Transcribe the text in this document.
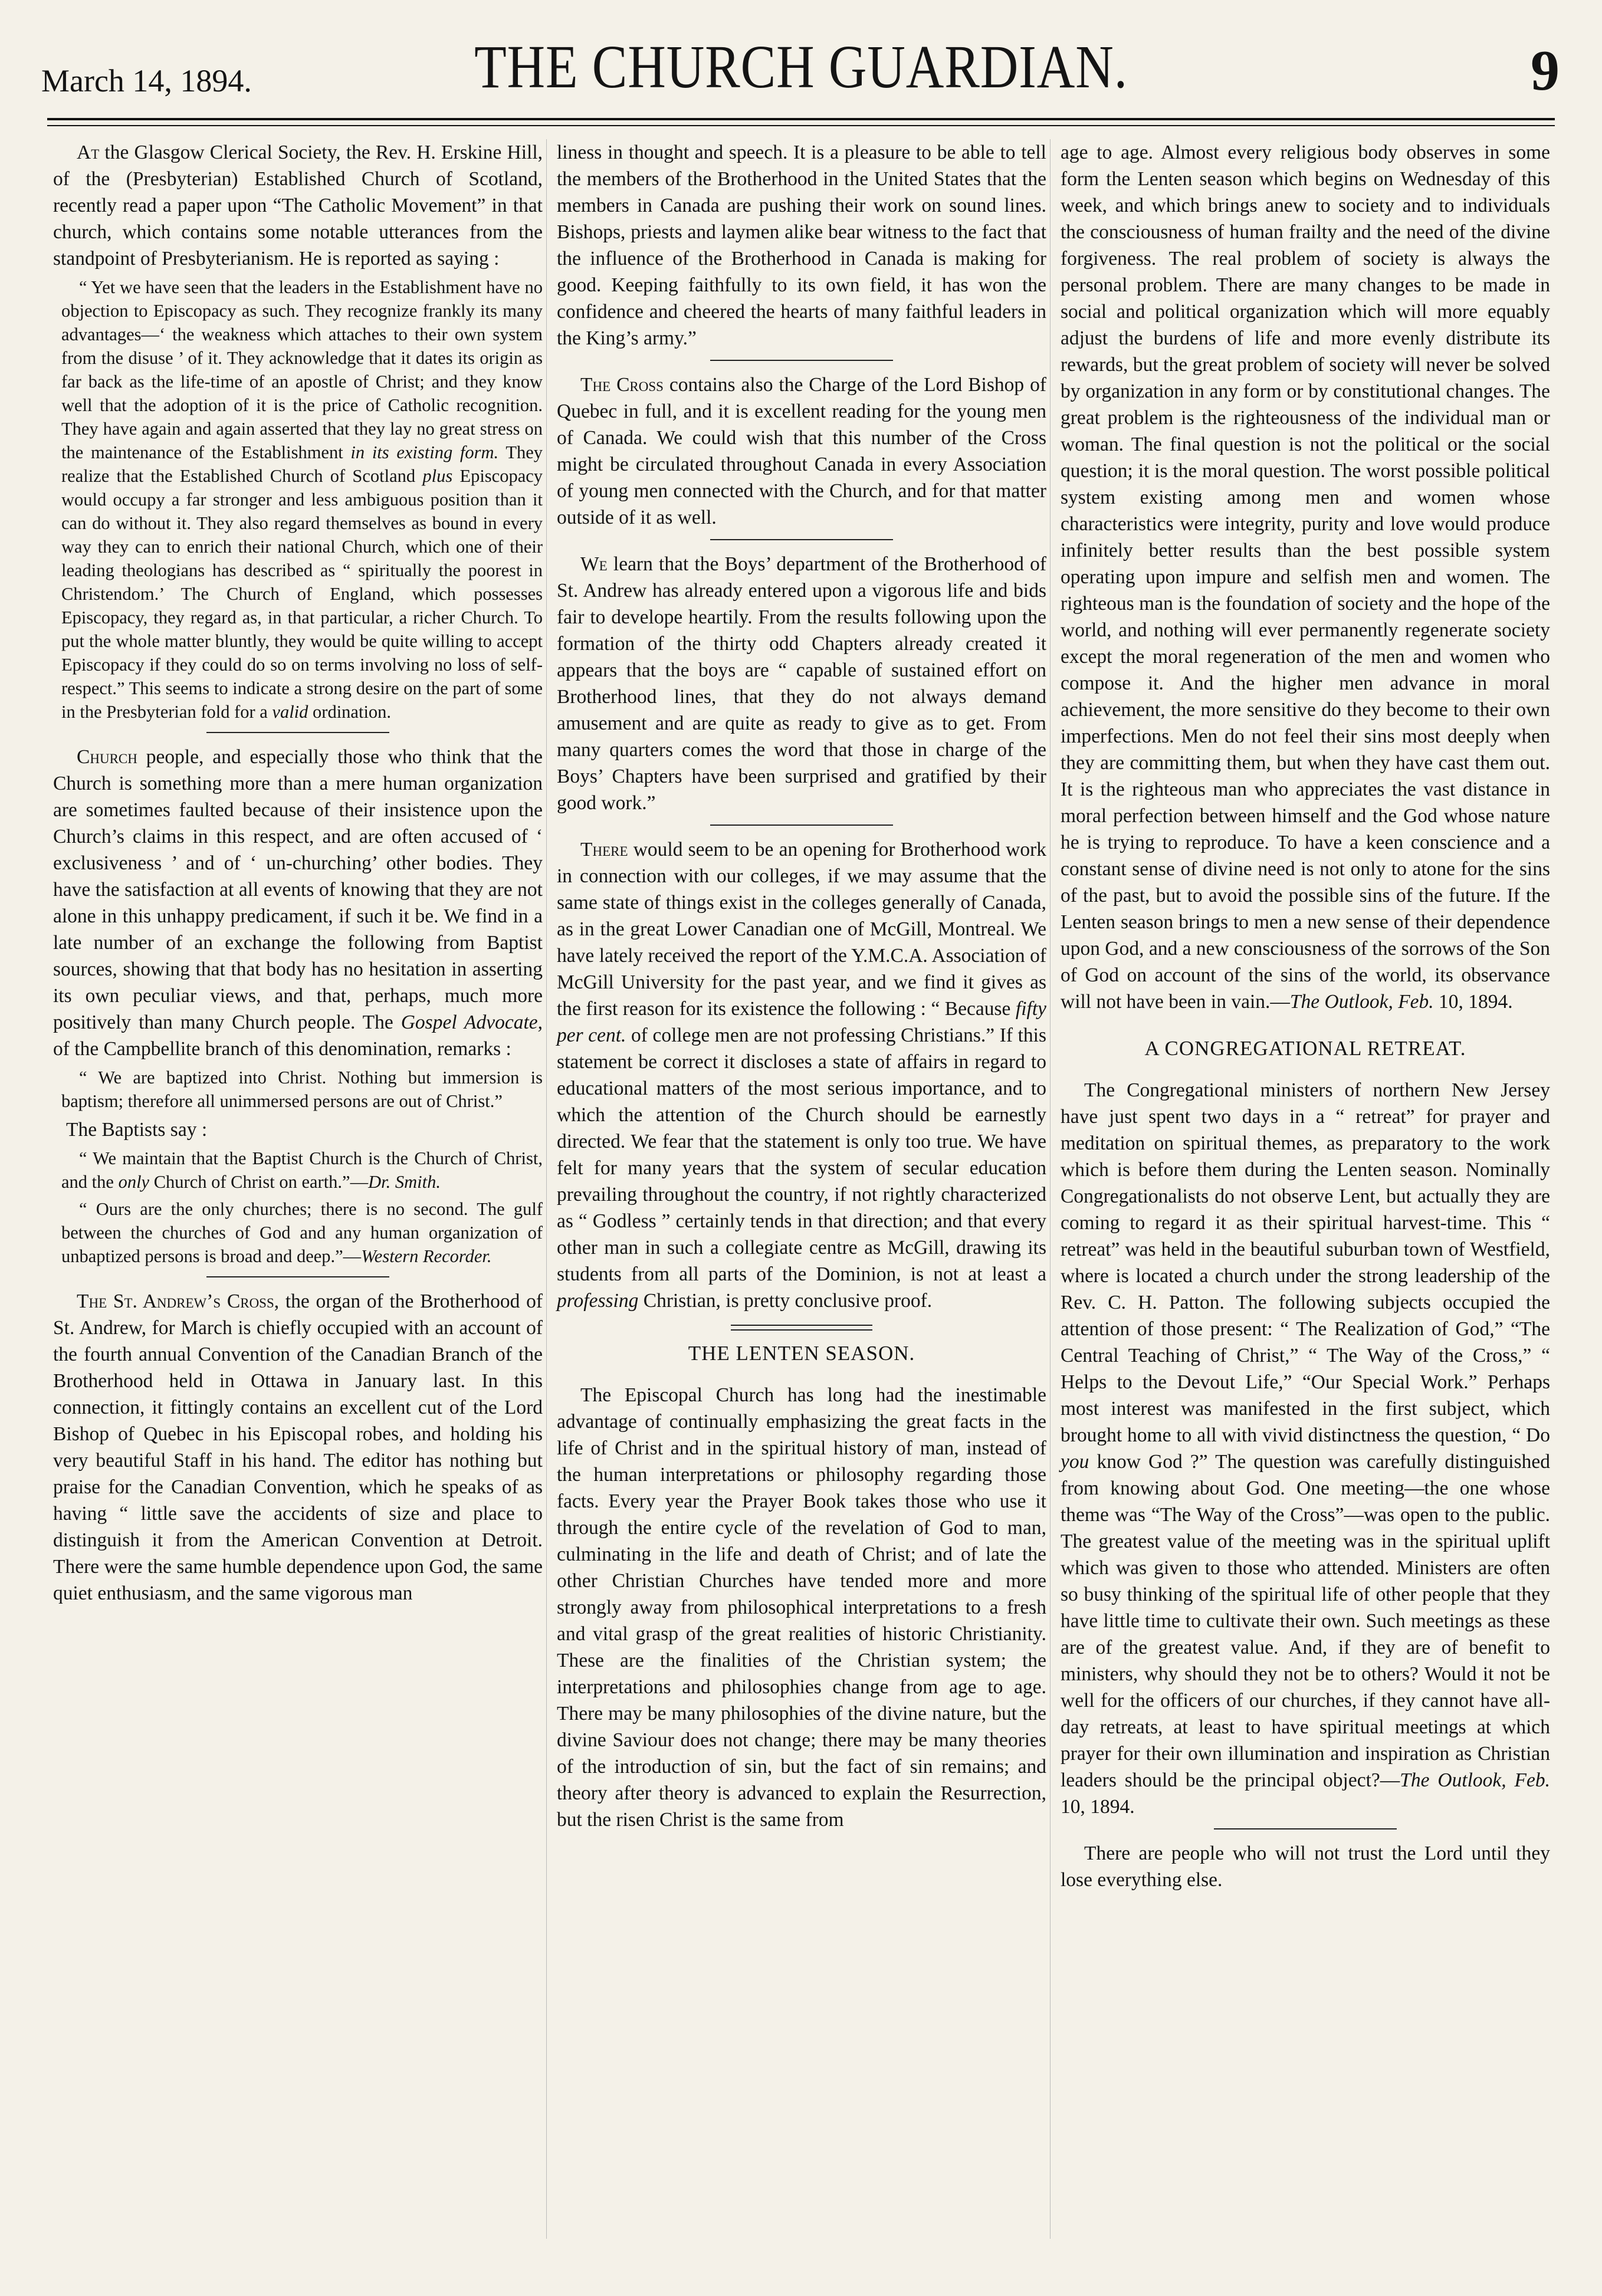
March 14, 1894.	THE CHURCH GUARDIAN.	9

At the Glasgow Clerical Society, the Rev. H. Erskine Hill, of the (Presbyterian) Established Church of Scotland, recently read a paper upon “The Catholic Movement” in that church, which contains some notable utterances from the standpoint of Presbyterianism. He is reported as saying :

“ Yet we have seen that the leaders in the Establishment have no objection to Episcopacy as such. They recognize frankly its many advantages—‘ the weakness which attaches to their own system from the disuse ’ of it. They acknowledge that it dates its origin as far back as the life-time of an apostle of Christ; and they know well that the adoption of it is the price of Catholic recognition. They have again and again asserted that they lay no great stress on the maintenance of the Establishment in its existing form. They realize that the Established Church of Scotland plus Episcopacy would occupy a far stronger and less ambiguous position than it can do without it. They also regard themselves as bound in every way they can to enrich their national Church, which one of their leading theologians has described as “ spiritually the poorest in Christendom.’ The Church of England, which possesses Episcopacy, they regard as, in that particular, a richer Church. To put the whole matter bluntly, they would be quite willing to accept Episcopacy if they could do so on terms involving no loss of self-respect.” This seems to indicate a strong desire on the part of some in the Presbyterian fold for a valid ordination.

Church people, and especially those who think that the Church is something more than a mere human organization are sometimes faulted because of their insistence upon the Church’s claims in this respect, and are often accused of ‘ exclusiveness ’ and of ‘ un-churching’ other bodies. They have the satisfaction at all events of knowing that they are not alone in this unhappy predicament, if such it be. We find in a late number of an exchange the following from Baptist sources, showing that that body has no hesitation in asserting its own peculiar views, and that, perhaps, much more positively than many Church people. The Gospel Advocate, of the Campbellite branch of this denomination, remarks :

“ We are baptized into Christ. Nothing but immersion is baptism; therefore all unimmersed persons are out of Christ.”

The Baptists say :

“ We maintain that the Baptist Church is the Church of Christ, and the only Church of Christ on earth.”—Dr. Smith.

“ Ours are the only churches; there is no second. The gulf between the churches of God and any human organization of unbaptized persons is broad and deep.”—Western Recorder.

The St. Andrew’s Cross, the organ of the Brotherhood of St. Andrew, for March is chiefly occupied with an account of the fourth annual Convention of the Canadian Branch of the Brotherhood held in Ottawa in January last. In this connection, it fittingly contains an excellent cut of the Lord Bishop of Quebec in his Episcopal robes, and holding his very beautiful Staff in his hand. The editor has nothing but praise for the Canadian Convention, which he speaks of as having “ little save the accidents of size and place to distinguish it from the American Convention at Detroit. There were the same humble dependence upon God, the same quiet enthusiasm, and the same vigorous man

liness in thought and speech. It is a pleasure to be able to tell the members of the Brotherhood in the United States that the members in Canada are pushing their work on sound lines. Bishops, priests and laymen alike bear witness to the fact that the influence of the Brotherhood in Canada is making for good. Keeping faithfully to its own field, it has won the confidence and cheered the hearts of many faithful leaders in the King’s army.”

The Cross contains also the Charge of the Lord Bishop of Quebec in full, and it is excellent reading for the young men of Canada. We could wish that this number of the Cross might be circulated throughout Canada in every Association of young men connected with the Church, and for that matter outside of it as well.

We learn that the Boys’ department of the Brotherhood of St. Andrew has already entered upon a vigorous life and bids fair to develope heartily. From the results following upon the formation of the thirty odd Chapters already created it appears that the boys are “ capable of sustained effort on Brotherhood lines, that they do not always demand amusement and are quite as ready to give as to get. From many quarters comes the word that those in charge of the Boys’ Chapters have been surprised and gratified by their good work.”

There would seem to be an opening for Brotherhood work in connection with our colleges, if we may assume that the same state of things exist in the colleges generally of Canada, as in the great Lower Canadian one of McGill, Montreal. We have lately received the report of the Y.M.C.A. Association of McGill University for the past year, and we find it gives as the first reason for its existence the following : “ Because fifty per cent. of college men are not professing Christians.” If this statement be correct it discloses a state of affairs in regard to educational matters of the most serious importance, and to which the attention of the Church should be earnestly directed. We fear that the statement is only too true. We have felt for many years that the system of secular education prevailing throughout the country, if not rightly characterized as “ Godless ” certainly tends in that direction; and that every other man in such a collegiate centre as McGill, drawing its students from all parts of the Dominion, is not at least a professing Christian, is pretty conclusive proof.

THE LENTEN SEASON.

The Episcopal Church has long had the inestimable advantage of continually emphasizing the great facts in the life of Christ and in the spiritual history of man, instead of the human interpretations or philosophy regarding those facts. Every year the Prayer Book takes those who use it through the entire cycle of the revelation of God to man, culminating in the life and death of Christ; and of late the other Christian Churches have tended more and more strongly away from philosophical interpretations to a fresh and vital grasp of the great realities of historic Christianity. These are the finalities of the Christian system; the interpretations and philosophies change from age to age. There may be many philosophies of the divine nature, but the divine Saviour does not change; there may be many theories of the introduction of sin, but the fact of sin remains; and theory after theory is advanced to explain the Resurrection, but the risen Christ is the same from

age to age. Almost every religious body observes in some form the Lenten season which begins on Wednesday of this week, and which brings anew to society and to individuals the consciousness of human frailty and the need of the divine forgiveness. The real problem of society is always the personal problem. There are many changes to be made in social and political organization which will more equably adjust the burdens of life and more evenly distribute its rewards, but the great problem of society will never be solved by organization in any form or by constitutional changes. The great problem is the righteousness of the individual man or woman. The final question is not the political or the social question; it is the moral question. The worst possible political system existing among men and women whose characteristics were integrity, purity and love would produce infinitely better results than the best possible system operating upon impure and selfish men and women. The righteous man is the foundation of society and the hope of the world, and nothing will ever permanently regenerate society except the moral regeneration of the men and women who compose it. And the higher men advance in moral achievement, the more sensitive do they become to their own imperfections. Men do not feel their sins most deeply when they are committing them, but when they have cast them out. It is the righteous man who appreciates the vast distance in moral perfection between himself and the God whose nature he is trying to reproduce. To have a keen conscience and a constant sense of divine need is not only to atone for the sins of the past, but to avoid the possible sins of the future. If the Lenten season brings to men a new sense of their dependence upon God, and a new consciousness of the sorrows of the Son of God on account of the sins of the world, its observance will not have been in vain.—The Outlook, Feb. 10, 1894.

A CONGREGATIONAL RETREAT.

The Congregational ministers of northern New Jersey have just spent two days in a “ retreat” for prayer and meditation on spiritual themes, as preparatory to the work which is before them during the Lenten season. Nominally Congregationalists do not observe Lent, but actually they are coming to regard it as their spiritual harvest-time. This “ retreat” was held in the beautiful suburban town of Westfield, where is located a church under the strong leadership of the Rev. C. H. Patton. The following subjects occupied the attention of those present: “ The Realization of God,” “The Central Teaching of Christ,” “ The Way of the Cross,” “ Helps to the Devout Life,” “Our Special Work.” Perhaps most interest was manifested in the first subject, which brought home to all with vivid distinctness the question, “ Do you know God ?” The question was carefully distinguished from knowing about God. One meeting—the one whose theme was “The Way of the Cross”—was open to the public. The greatest value of the meeting was in the spiritual uplift which was given to those who attended. Ministers are often so busy thinking of the spiritual life of other people that they have little time to cultivate their own. Such meetings as these are of the greatest value. And, if they are of benefit to ministers, why should they not be to others? Would it not be well for the officers of our churches, if they cannot have all-day retreats, at least to have spiritual meetings at which prayer for their own illumination and inspiration as Christian leaders should be the principal object?—The Outlook, Feb. 10, 1894.

There are people who will not trust the Lord until they lose everything else.
